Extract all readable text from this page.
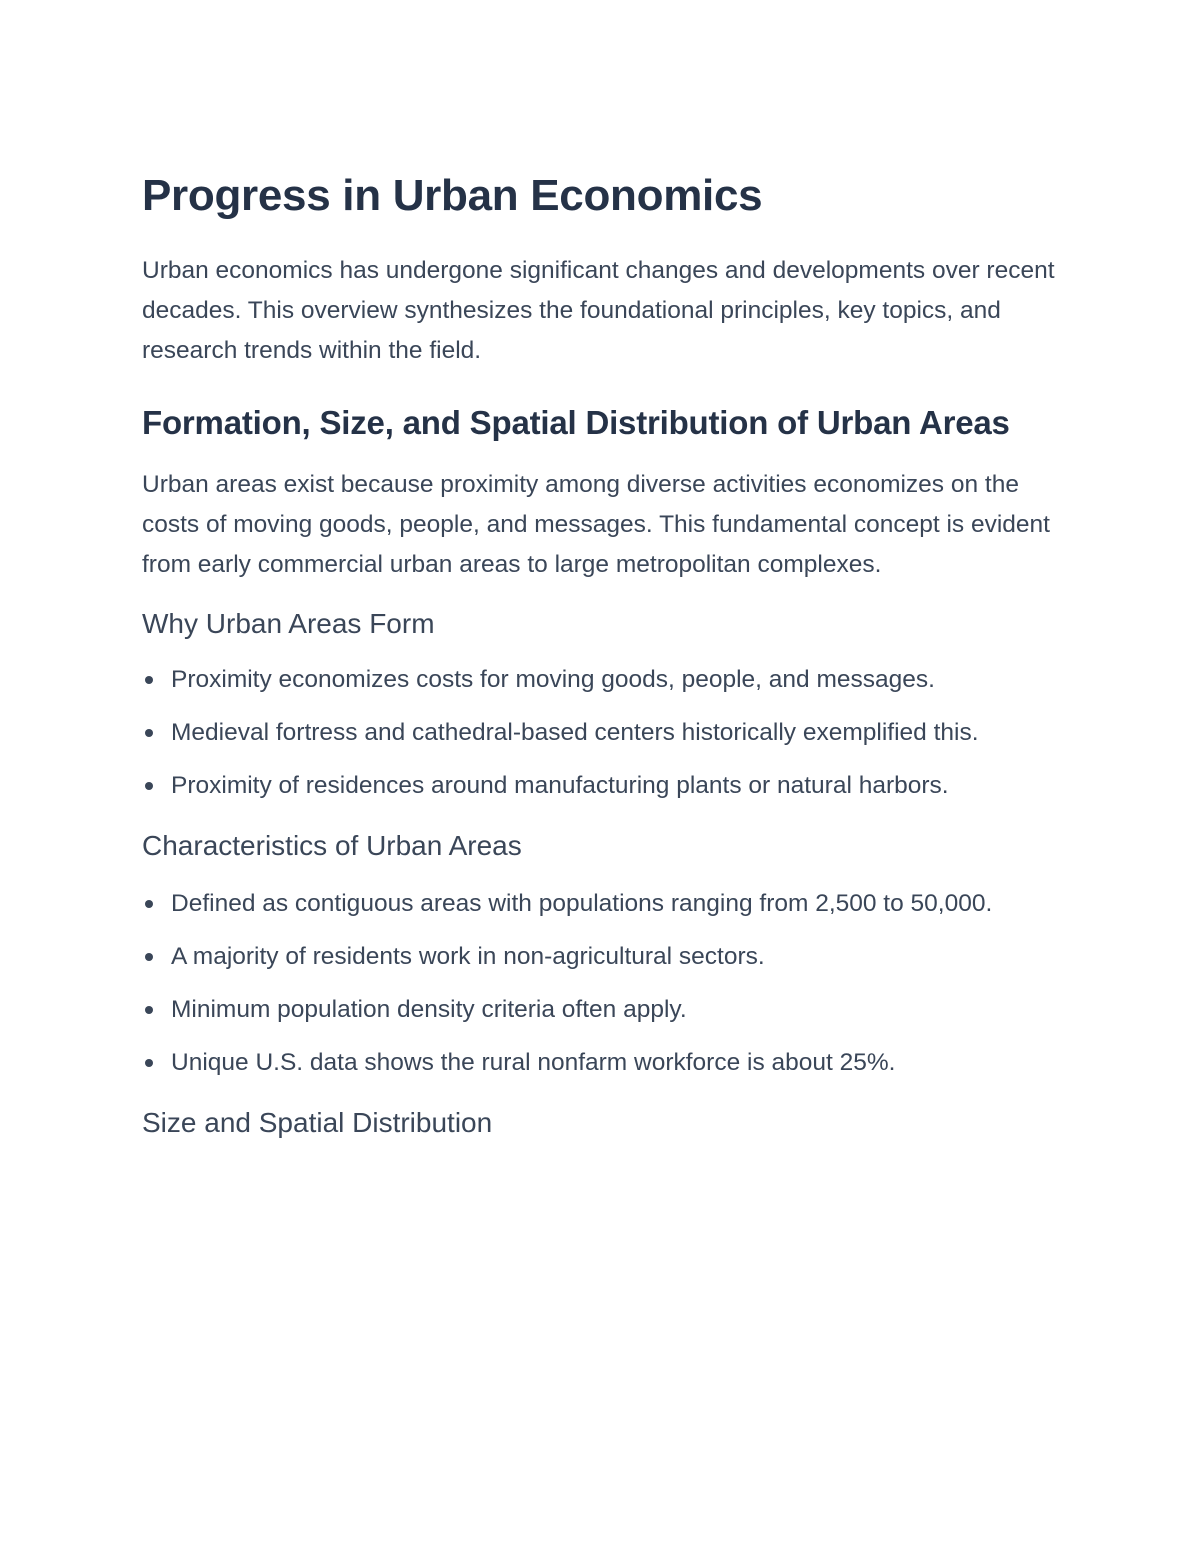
Progress in Urban Economics

Urban economics has undergone significant changes and developments over recent decades. This overview synthesizes the foundational principles, key topics, and research trends within the field.

Formation, Size, and Spatial Distribution of Urban Areas

Urban areas exist because proximity among diverse activities economizes on the costs of moving goods, people, and messages. This fundamental concept is evident from early commercial urban areas to large metropolitan complexes.

Why Urban Areas Form
Proximity economizes costs for moving goods, people, and messages.
Medieval fortress and cathedral-based centers historically exemplified this.
Proximity of residences around manufacturing plants or natural harbors.
Characteristics of Urban Areas
Defined as contiguous areas with populations ranging from 2,500 to 50,000.
A majority of residents work in non-agricultural sectors.
Minimum population density criteria often apply.
Unique U.S. data shows the rural nonfarm workforce is about 25%.
Size and Spatial Distribution
